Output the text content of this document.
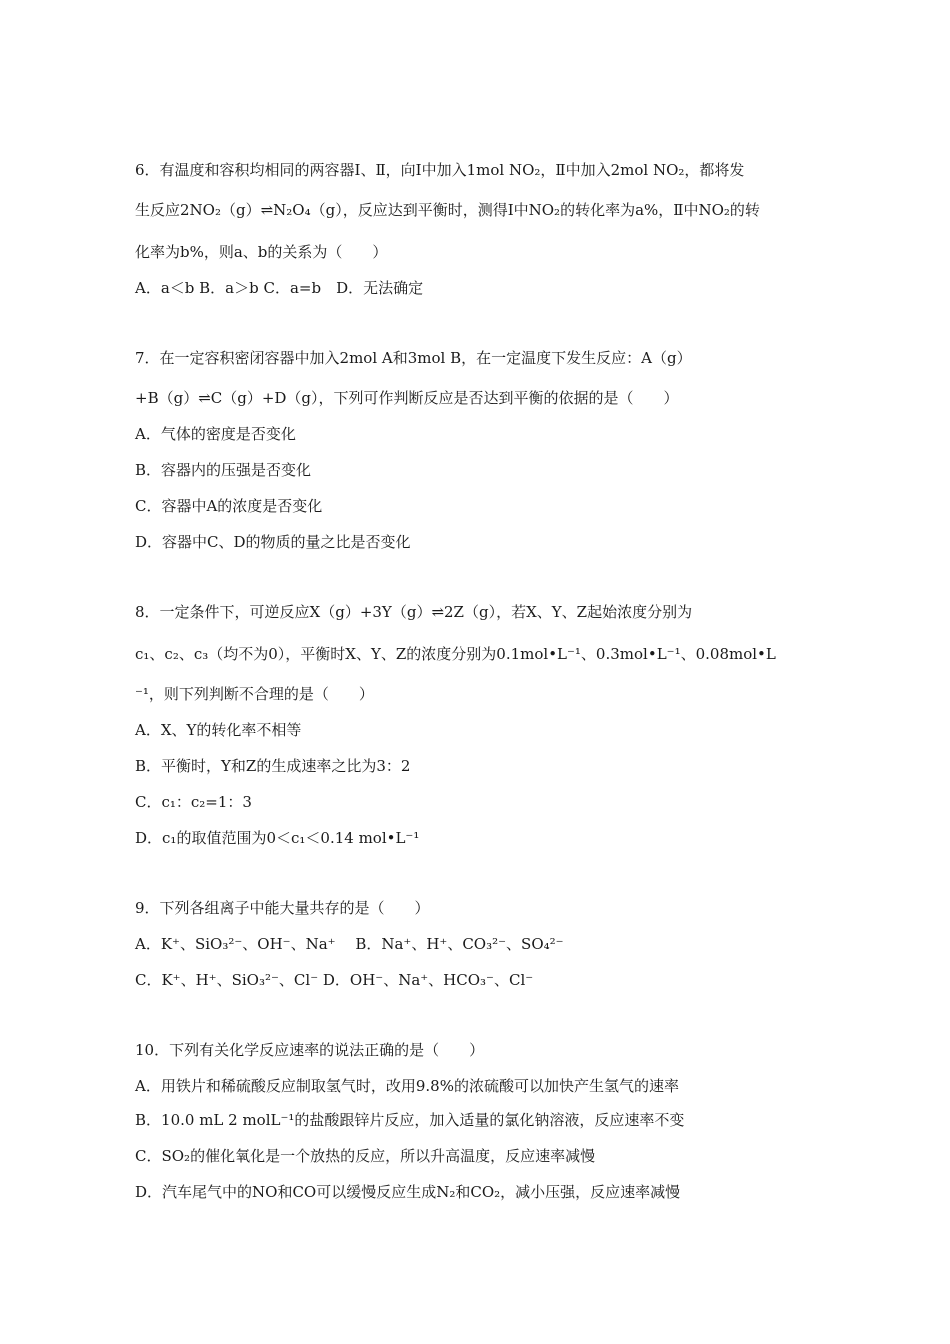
6．有温度和容积均相同的两容器Ⅰ、Ⅱ，向Ⅰ中加入1mol NO₂，Ⅱ中加入2mol NO₂，都将发
生反应2NO₂（g）⇌N₂O₄（g），反应达到平衡时，测得Ⅰ中NO₂的转化率为a%，Ⅱ中NO₂的转
化率为b%，则a、b的关系为（　　）
A．a＜b B．a＞b C．a=b　D．无法确定
7．在一定容积密闭容器中加入2mol A和3mol B，在一定温度下发生反应：A（g）
+B（g）⇌C（g）+D（g），下列可作判断反应是否达到平衡的依据的是（　　）
A．气体的密度是否变化
B．容器内的压强是否变化
C．容器中A的浓度是否变化
D．容器中C、D的物质的量之比是否变化
8．一定条件下，可逆反应X（g）+3Y（g）⇌2Z（g），若X、Y、Z起始浓度分别为
c₁、c₂、c₃（均不为0），平衡时X、Y、Z的浓度分别为0.1mol•L⁻¹、0.3mol•L⁻¹、0.08mol•L
⁻¹，则下列判断不合理的是（　　）
A．X、Y的转化率不相等
B．平衡时，Y和Z的生成速率之比为3：2
C．c₁：c₂=1：3
D．c₁的取值范围为0＜c₁＜0.14 mol•L⁻¹
9．下列各组离子中能大量共存的是（　　）
A．K⁺、SiO₃²⁻、OH⁻、Na⁺　 B．Na⁺、H⁺、CO₃²⁻、SO₄²⁻
C．K⁺、H⁺、SiO₃²⁻、Cl⁻ D．OH⁻、Na⁺、HCO₃⁻、Cl⁻
10．下列有关化学反应速率的说法正确的是（　　）
A．用铁片和稀硫酸反应制取氢气时，改用9.8%的浓硫酸可以加快产生氢气的速率
B．10.0 mL 2 molL⁻¹的盐酸跟锌片反应，加入适量的氯化钠溶液，反应速率不变
C．SO₂的催化氧化是一个放热的反应，所以升高温度，反应速率减慢
D．汽车尾气中的NO和CO可以缓慢反应生成N₂和CO₂，减小压强，反应速率减慢
